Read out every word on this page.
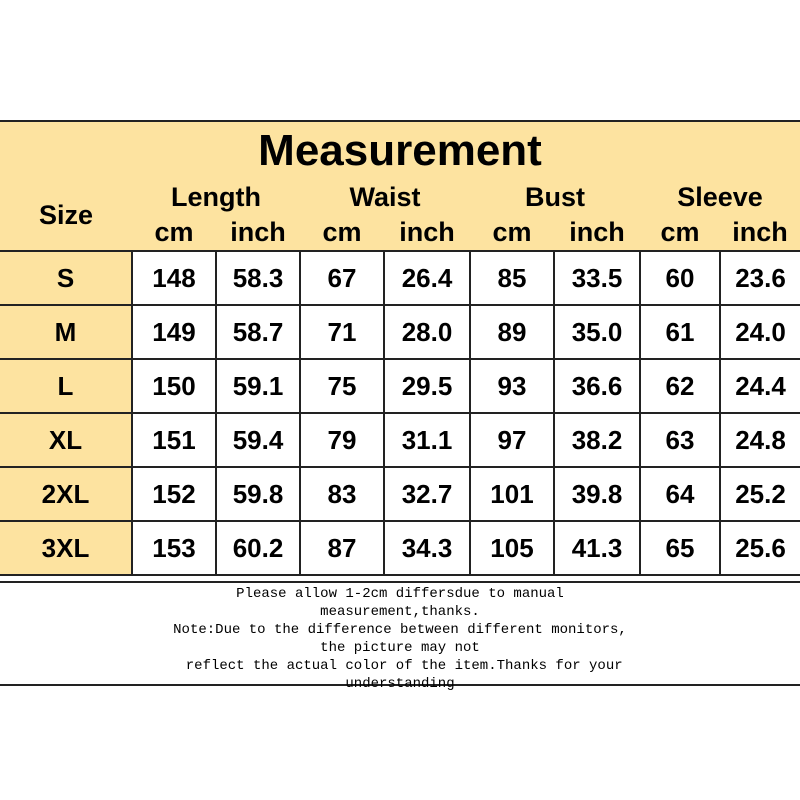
Measurement								
Size	Length		Waist		Bust		Sleeve	
	cm	inch	cm	inch	cm	inch	cm	inch
S	148	58.3	67	26.4	85	33.5	60	23.6
M	149	58.7	71	28.0	89	35.0	61	24.0
L	150	59.1	75	29.5	93	36.6	62	24.4
XL	151	59.4	79	31.1	97	38.2	63	24.8
2XL	152	59.8	83	32.7	101	39.8	64	25.2
3XL	153	60.2	87	34.3	105	41.3	65	25.6
Please allow 1-2cm differsdue to manual
measurement,thanks.
Note:Due to the difference between different monitors,
the picture may not
reflect the actual color of the item.Thanks for your
understanding
